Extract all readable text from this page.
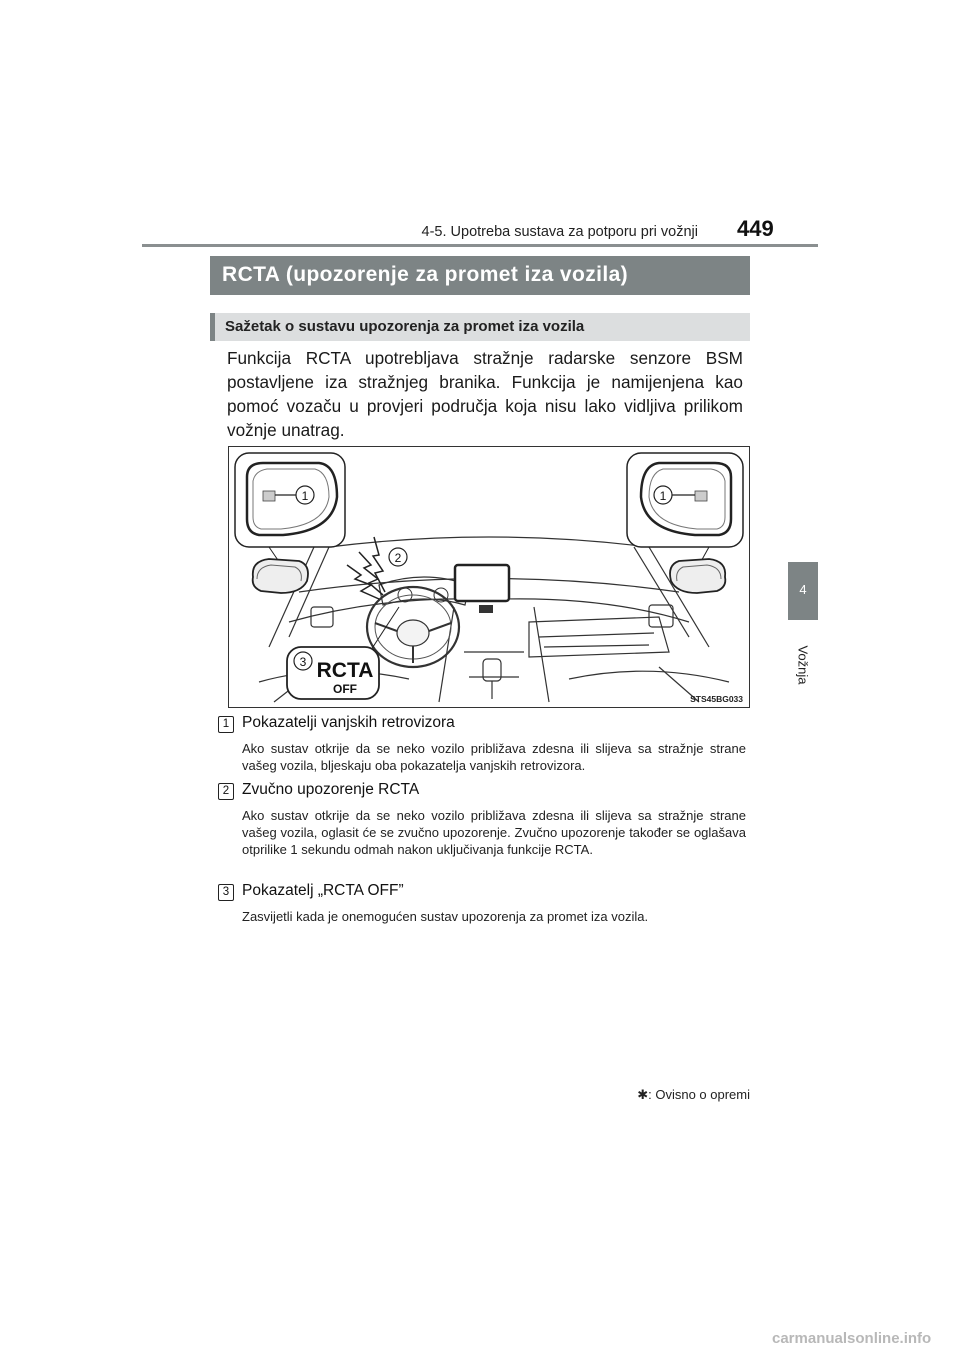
4-5. Upotreba sustava za potporu pri vožnji 449
4
Vožnja
RCTA (upozorenje za promet iza vozila)
Sažetak o sustavu upozorenja za promet iza vozila

Funkcija RCTA upotrebljava stražnje radarske senzore BSM postavljene iza stražnjeg branika. Funkcija je namijenjena kao pomoć vozaču u provjeri područja koja nisu lako vidljiva prilikom vožnje unatrag.

1	1
2
3 RCTA
OFF
STS45BG033
1 Pokazatelji vanjskih retrovizora

Ako sustav otkrije da se neko vozilo približava zdesna ili slijeva sa stražnje strane vašeg vozila, bljeskaju oba pokazatelja vanjskih retrovizora.

2 Zvučno upozorenje RCTA

Ako sustav otkrije da se neko vozilo približava zdesna ili slijeva sa stražnje strane vašeg vozila, oglasit će se zvučno upozorenje. Zvučno upozorenje također se oglašava otprilike 1 sekundu odmah nakon uključivanja funkcije RCTA.

3 Pokazatelj „RCTA OFF”

Zasvijetli kada je onemogućen sustav upozorenja za promet iza vozila.

✱: Ovisno o opremi
carmanualsonline.info
